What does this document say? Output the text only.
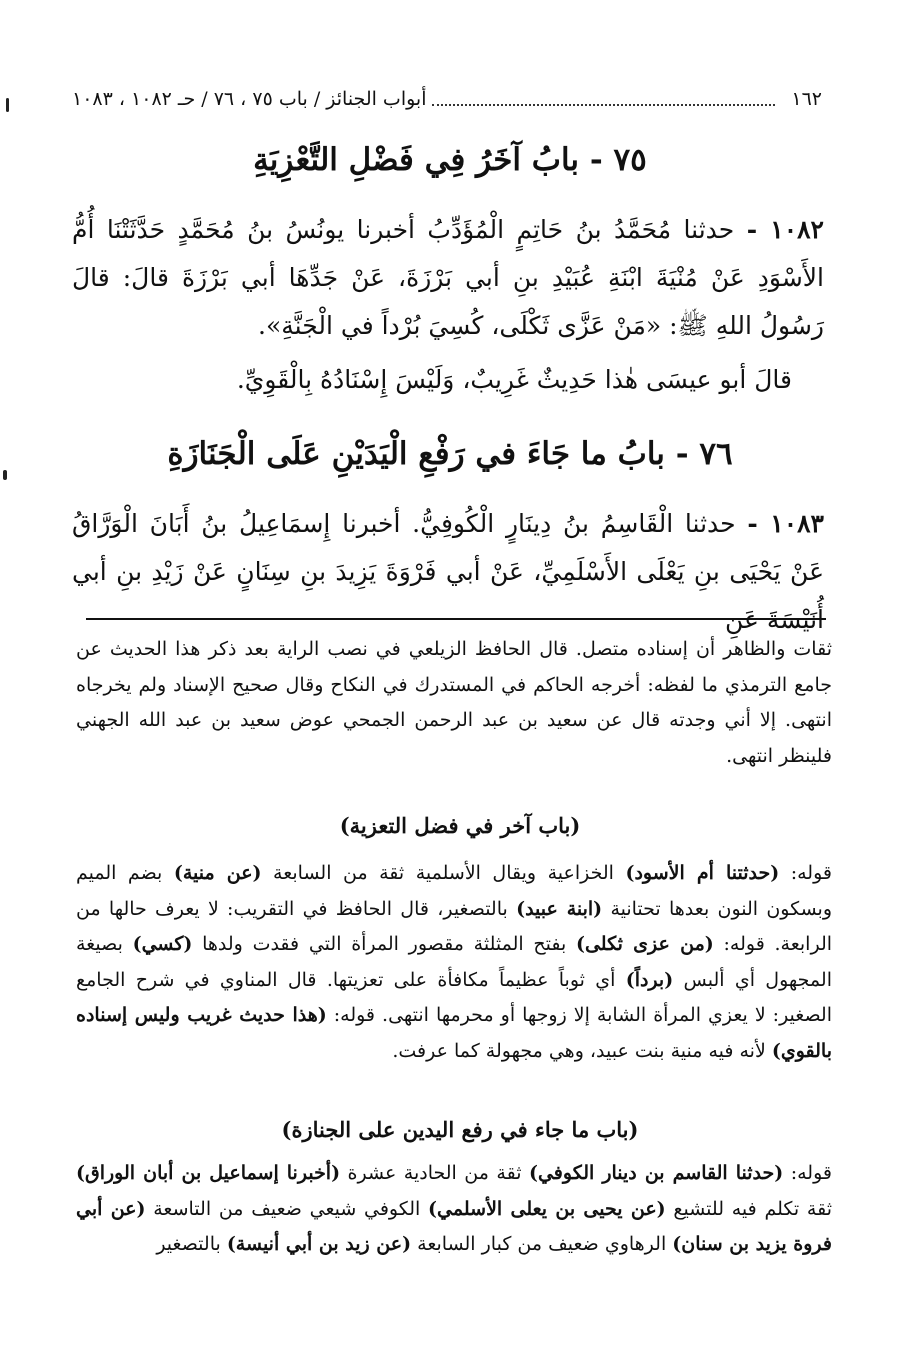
١٦٢
أبواب الجنائز / باب ٧٥ ، ٧٦ / حـ ١٠٨٢ ، ١٠٨٣
٧٥ - بابُ آخَرُ فِي فَضْلِ التَّعْزِيَةِ
١٠٨٢ - حدثنا مُحَمَّدُ بنُ حَاتِمٍ الْمُؤَدِّبُ أخبرنا يونُسُ بنُ مُحَمَّدٍ حَدَّثَتْنَا أُمُّ الأَسْوَدِ عَنْ مُنْيَةَ ابْنَةِ عُبَيْدِ بنِ أبي بَرْزَةَ، عَنْ جَدِّهَا أبي بَرْزَةَ قالَ: قالَ رَسُولُ اللهِ ﷺ: «مَنْ عَزَّى ثَكْلَى، كُسِيَ بُرْداً في الْجَنَّةِ».
قالَ أبو عيسَى هٰذا حَدِيثٌ غَرِيبٌ، وَلَيْسَ إِسْنَادُهُ بِالْقَوِيِّ.
٧٦ - بابُ ما جَاءَ في رَفْعِ الْيَدَيْنِ عَلَى الْجَنَازَةِ
١٠٨٣ - حدثنا الْقَاسِمُ بنُ دِينَارٍ الْكُوفِيُّ. أخبرنا إِسمَاعِيلُ بنُ أَبَانَ الْوَرَّاقُ عَنْ يَحْيَى بنِ يَعْلَى الأَسْلَمِيِّ، عَنْ أبي فَرْوَةَ يَزِيدَ بنِ سِنَانٍ عَنْ زَيْدِ بنِ أبي أُنَيْسَةَ عَنِ
ثقات والظاهر أن إسناده متصل. قال الحافظ الزيلعي في نصب الراية بعد ذكر هذا الحديث عن جامع الترمذي ما لفظه: أخرجه الحاكم في المستدرك في النكاح وقال صحيح الإسناد ولم يخرجاه انتهى. إلا أني وجدته قال عن سعيد بن عبد الرحمن الجمحي عوض سعيد بن عبد الله الجهني فلينظر انتهى.
(باب آخر في فضل التعزية)
قوله: (حدثتنا أم الأسود) الخزاعية ويقال الأسلمية ثقة من السابعة (عن منية) بضم الميم وبسكون النون بعدها تحتانية (ابنة عبيد) بالتصغير، قال الحافظ في التقريب: لا يعرف حالها من الرابعة. قوله: (من عزى ثكلى) بفتح المثلثة مقصور المرأة التي فقدت ولدها (كسي) بصيغة المجهول أي ألبس (برداً) أي ثوباً عظيماً مكافأة على تعزيتها. قال المناوي في شرح الجامع الصغير: لا يعزي المرأة الشابة إلا زوجها أو محرمها انتهى. قوله: (هذا حديث غريب وليس إسناده بالقوي) لأنه فيه منية بنت عبيد، وهي مجهولة كما عرفت.
(باب ما جاء في رفع اليدين على الجنازة)
قوله: (حدثنا القاسم بن دينار الكوفي) ثقة من الحادية عشرة (أخبرنا إسماعيل بن أبان الوراق) ثقة تكلم فيه للتشيع (عن يحيى بن يعلى الأسلمي) الكوفي شيعي ضعيف من التاسعة (عن أبي فروة يزيد بن سنان) الرهاوي ضعيف من كبار السابعة (عن زيد بن أبي أنيسة) بالتصغير
